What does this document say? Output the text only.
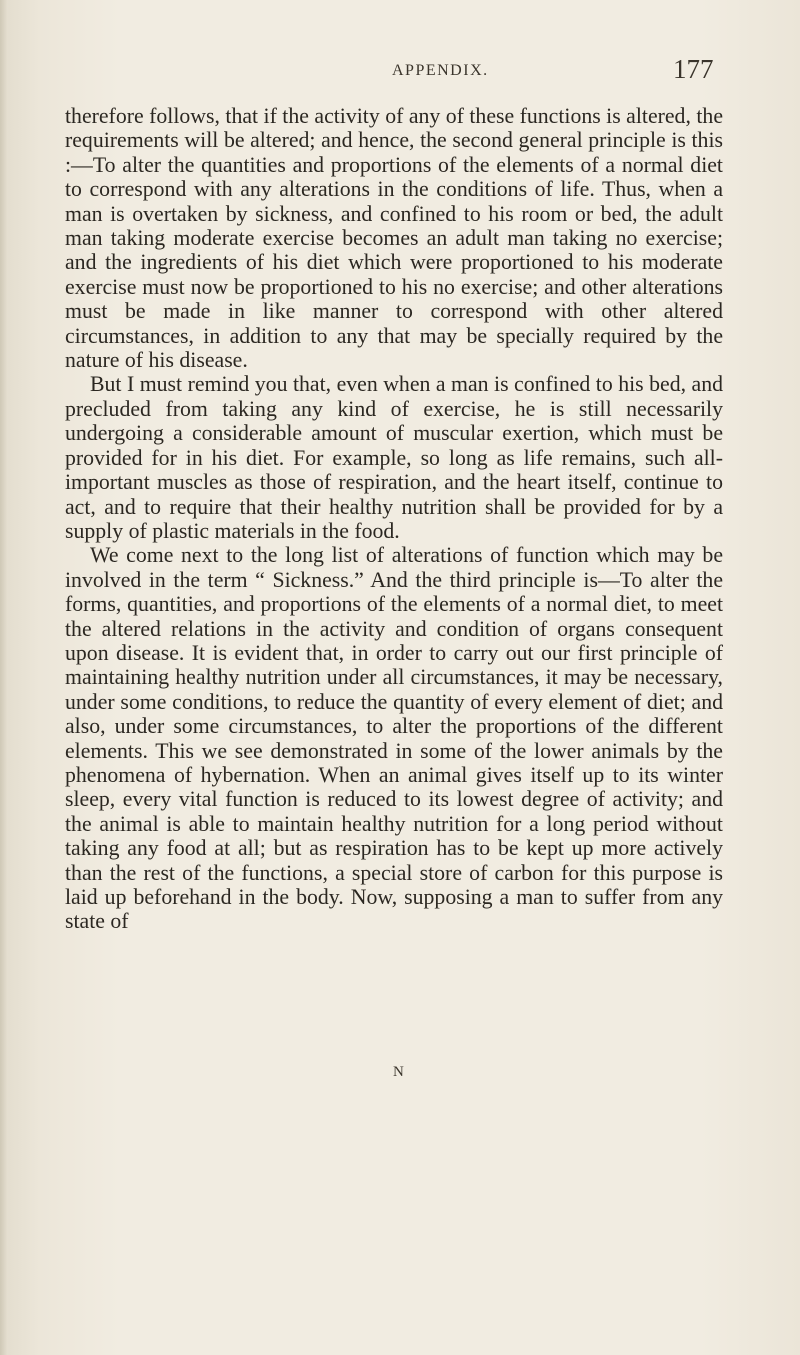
APPENDIX.	177

therefore follows, that if the activity of any of these functions is altered, the requirements will be altered; and hence, the second general principle is this :—To alter the quantities and proportions of the elements of a normal diet to correspond with any alterations in the conditions of life. Thus, when a man is overtaken by sickness, and confined to his room or bed, the adult man taking moderate exercise becomes an adult man taking no exercise; and the ingredients of his diet which were proportioned to his moderate exercise must now be proportioned to his no exercise; and other alterations must be made in like manner to correspond with other altered circumstances, in addition to any that may be specially required by the nature of his disease.

But I must remind you that, even when a man is confined to his bed, and precluded from taking any kind of exercise, he is still necessarily undergoing a considerable amount of muscular exertion, which must be provided for in his diet. For example, so long as life remains, such all-important muscles as those of respiration, and the heart itself, continue to act, and to require that their healthy nutrition shall be provided for by a supply of plastic materials in the food.

We come next to the long list of alterations of function which may be involved in the term “ Sickness.” And the third principle is—To alter the forms, quantities, and proportions of the elements of a normal diet, to meet the altered relations in the activity and condition of organs consequent upon disease. It is evident that, in order to carry out our first principle of maintaining healthy nutrition under all circumstances, it may be necessary, under some conditions, to reduce the quantity of every element of diet; and also, under some circumstances, to alter the proportions of the different elements. This we see demonstrated in some of the lower animals by the phenomena of hybernation. When an animal gives itself up to its winter sleep, every vital function is reduced to its lowest degree of activity; and the animal is able to maintain healthy nutrition for a long period without taking any food at all; but as respiration has to be kept up more actively than the rest of the functions, a special store of carbon for this purpose is laid up beforehand in the body. Now, supposing a man to suffer from any state of

N
